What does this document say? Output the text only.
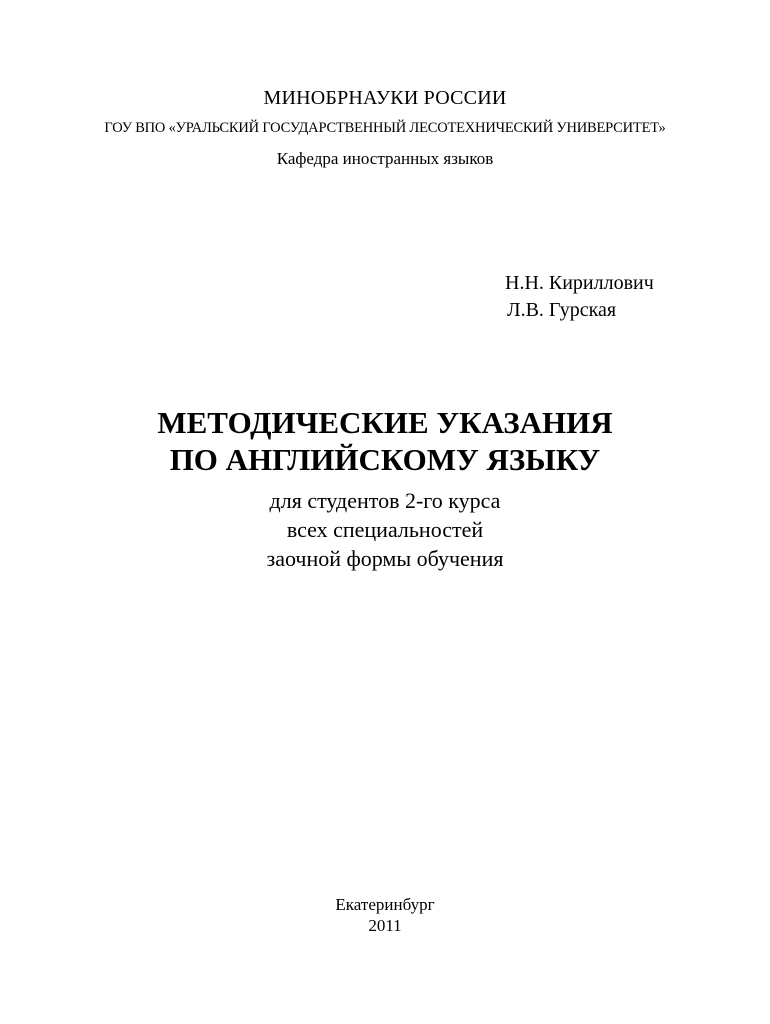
МИНОБРНАУКИ РОССИИ
ГОУ ВПО «УРАЛЬСКИЙ ГОСУДАРСТВЕННЫЙ ЛЕСОТЕХНИЧЕСКИЙ УНИВЕРСИТЕТ»
Кафедра иностранных языков
Н.Н. Кириллович
Л.В. Гурская
МЕТОДИЧЕСКИЕ УКАЗАНИЯ
ПО АНГЛИЙСКОМУ ЯЗЫКУ
для студентов 2-го курса
всех специальностей
заочной формы обучения
Екатеринбург
2011
